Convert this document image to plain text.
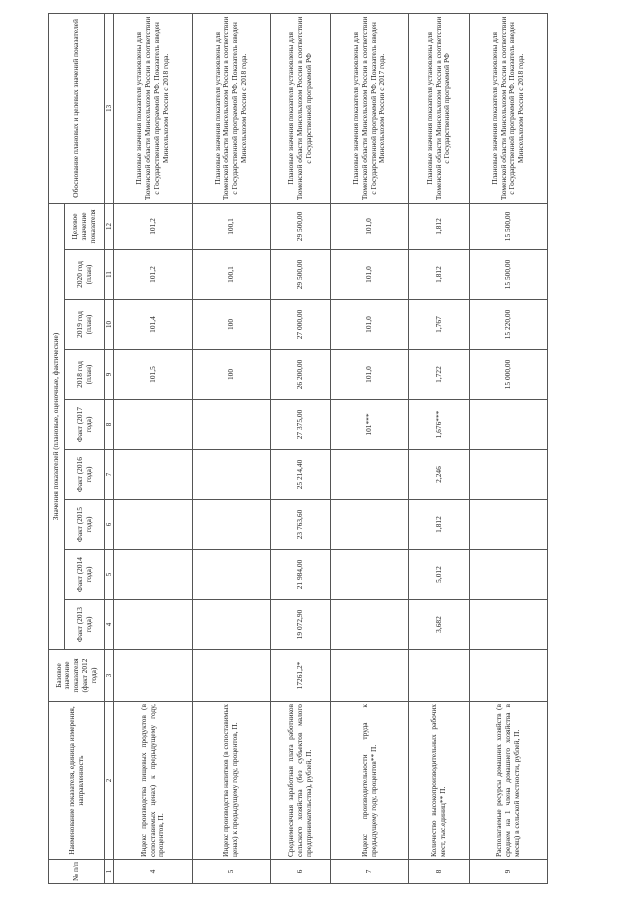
№ п/п	Наименование показателя, единица измерения, направленность	Базовое значение показателя (факт 2012 года)	Значения показателей (плановые, оценочные, фактические)									Обоснование плановых и целевых значений показателей
			Факт (2013 года)	Факт (2014 года)	Факт (2015 года)	Факт (2016 года)	Факт (2017 года)	2018 год (план)	2019 год (план)	2020 год (план)	Целевое значение показателя	
1	2	3	4	5	6	7	8	9	10	11	12	13
4	Индекс производства пищевых продуктов (в сопоставимых ценах) к предыдущему году, процентов, П.							101,5	101,4	101,2	101,2	Плановые значения показателя установлены для Тюменской области Минсельхозом России в соответствии с Государственной программой РФ. Показатель введен Минсельхозом России с 2018 года.
5	Индекс производства напитков (в сопоставимых ценах) к предыдущему году, процентов, П.							100	100	100,1	100,1	Плановые значения показателя установлены для Тюменской области Минсельхозом России в соответствии с Государственной программой РФ. Показатель введен Минсельхозом России с 2018 года.
6	Среднемесячная заработная плата работников сельского хозяйства (без субъектов малого предпринимательства), рублей, П.	17261,2*	19 072,90	21 984,00	23 763,60	25 214,40	27 375,00	26 200,00	27 000,00	29 500,00	29 500,00	Плановые значения показателя установлены для Тюменской области Минсельхозом России в соответствии с Государственной программой РФ
7	Индекс производительности труда к предыдущему году, процентов** П.						101***	101,0	101,0	101,0	101,0	Плановые значения показателя установлены для Тюменской области Минсельхозом России в соответствии с Государственной программой РФ. Показатель введен Минсельхозом России с 2017 года.
8	Количество высокопроизводительных рабочих мест, тыс.единиц** П.		3,682	5,012	1,812	2,246	1,676***	1,722	1,767	1,812	1,812	Плановые значения показателя установлены для Тюменской области Минсельхозом России в соответствии с Государственной программой РФ
9	Располагаемые ресурсы домашних хозяйств (в среднем на 1 члена домашнего хозяйства в месяц) в сельской местности, рублей, П.							15 000,00	15 220,00	15 500,00	15 500,00	Плановые значения показателя установлены для Тюменской области Минсельхозом России в соответствии с Государственной программой РФ. Показатель введен Минсельхозом России с 2018 года.
